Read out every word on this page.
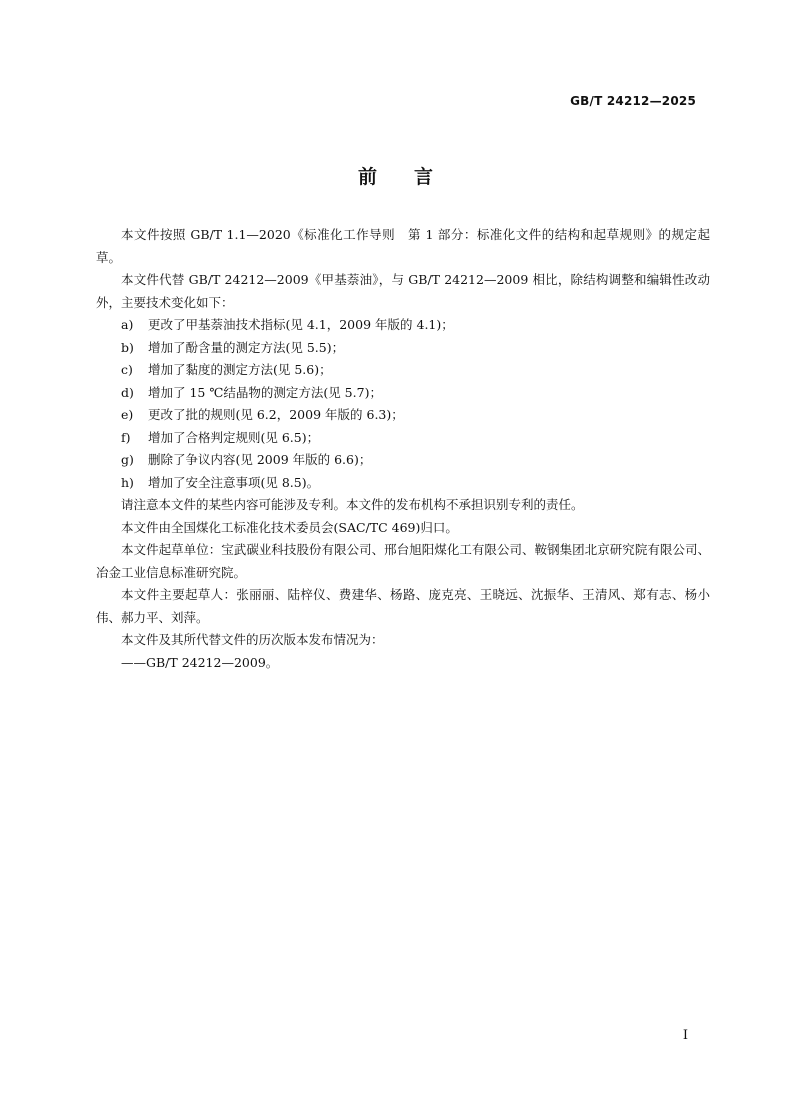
GB/T 24212—2025
前 言

本文件按照 GB/T 1.1—2020《标准化工作导则　第 1 部分：标准化文件的结构和起草规则》的规定起草。

本文件代替 GB/T 24212—2009《甲基萘油》，与 GB/T 24212—2009 相比，除结构调整和编辑性改动外，主要技术变化如下：

a) 更改了甲基萘油技术指标(见 4.1，2009 年版的 4.1)；
b) 增加了酚含量的测定方法(见 5.5)；
c) 增加了黏度的测定方法(见 5.6)；
d) 增加了 15 ℃结晶物的测定方法(见 5.7)；
e) 更改了批的规则(见 6.2，2009 年版的 6.3)；
f) 增加了合格判定规则(见 6.5)；
g) 删除了争议内容(见 2009 年版的 6.6)；
h) 增加了安全注意事项(见 8.5)。

请注意本文件的某些内容可能涉及专利。本文件的发布机构不承担识别专利的责任。

本文件由全国煤化工标准化技术委员会(SAC/TC 469)归口。

本文件起草单位：宝武碳业科技股份有限公司、邢台旭阳煤化工有限公司、鞍钢集团北京研究院有限公司、冶金工业信息标准研究院。

本文件主要起草人：张丽丽、陆梓仪、费建华、杨路、庞克亮、王晓远、沈振华、王清风、郑有志、杨小伟、郝力平、刘萍。

本文件及其所代替文件的历次版本发布情况为：

——GB/T 24212—2009。

I
